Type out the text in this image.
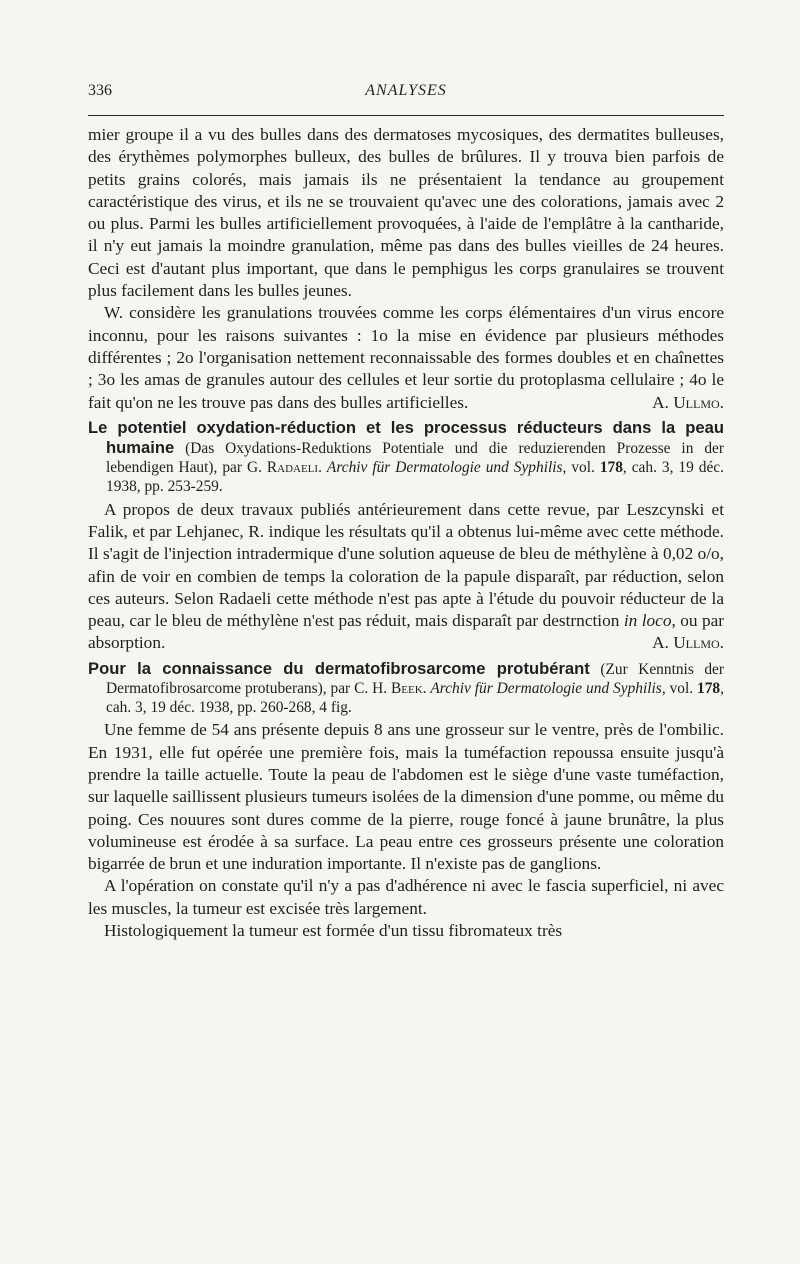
336	ANALYSES

mier groupe il a vu des bulles dans des dermatoses mycosiques, des dermatites bulleuses, des érythèmes polymorphes bulleux, des bulles de brûlures. Il y trouva bien parfois de petits grains colorés, mais jamais ils ne présentaient la tendance au groupement caractéristique des virus, et ils ne se trouvaient qu'avec une des colorations, jamais avec 2 ou plus. Parmi les bulles artificiellement provoquées, à l'aide de l'emplâtre à la cantharide, il n'y eut jamais la moindre granulation, même pas dans des bulles vieilles de 24 heures. Ceci est d'autant plus important, que dans le pemphigus les corps granulaires se trouvent plus facilement dans les bulles jeunes.

W. considère les granulations trouvées comme les corps élémentaires d'un virus encore inconnu, pour les raisons suivantes : 1o la mise en évidence par plusieurs méthodes différentes ; 2o l'organisation nettement reconnaissable des formes doubles et en chaînettes ; 3o les amas de granules autour des cellules et leur sortie du protoplasma cellulaire ; 4o le fait qu'on ne les trouve pas dans des bulles artificielles.	A. Ullmo.

Le potentiel oxydation-réduction et les processus réducteurs dans la peau humaine (Das Oxydations-Reduktions Potentiale und die reduzierenden Prozesse in der lebendigen Haut), par G. Radaeli. Archiv für Dermatologie und Syphilis, vol. 178, cah. 3, 19 déc. 1938, pp. 253-259.

A propos de deux travaux publiés antérieurement dans cette revue, par Leszcynski et Falik, et par Lehjanec, R. indique les résultats qu'il a obtenus lui-même avec cette méthode. Il s'agit de l'injection intradermique d'une solution aqueuse de bleu de méthylène à 0,02 o/o, afin de voir en combien de temps la coloration de la papule disparaît, par réduction, selon ces auteurs. Selon Radaeli cette méthode n'est pas apte à l'étude du pouvoir réducteur de la peau, car le bleu de méthylène n'est pas réduit, mais disparaît par destrnction in loco, ou par absorption.	A. Ullmo.

Pour la connaissance du dermatofibrosarcome protubérant (Zur Kenntnis der Dermatofibrosarcome protuberans), par C. H. Beek. Archiv für Dermatologie und Syphilis, vol. 178, cah. 3, 19 déc. 1938, pp. 260-268, 4 fig.

Une femme de 54 ans présente depuis 8 ans une grosseur sur le ventre, près de l'ombilic. En 1931, elle fut opérée une première fois, mais la tuméfaction repoussa ensuite jusqu'à prendre la taille actuelle. Toute la peau de l'abdomen est le siège d'une vaste tuméfaction, sur laquelle saillissent plusieurs tumeurs isolées de la dimension d'une pomme, ou même du poing. Ces nouures sont dures comme de la pierre, rouge foncé à jaune brunâtre, la plus volumineuse est érodée à sa surface. La peau entre ces grosseurs présente une coloration bigarrée de brun et une induration importante. Il n'existe pas de ganglions.

A l'opération on constate qu'il n'y a pas d'adhérence ni avec le fascia superficiel, ni avec les muscles, la tumeur est excisée très largement.

Histologiquement la tumeur est formée d'un tissu fibromateux très
